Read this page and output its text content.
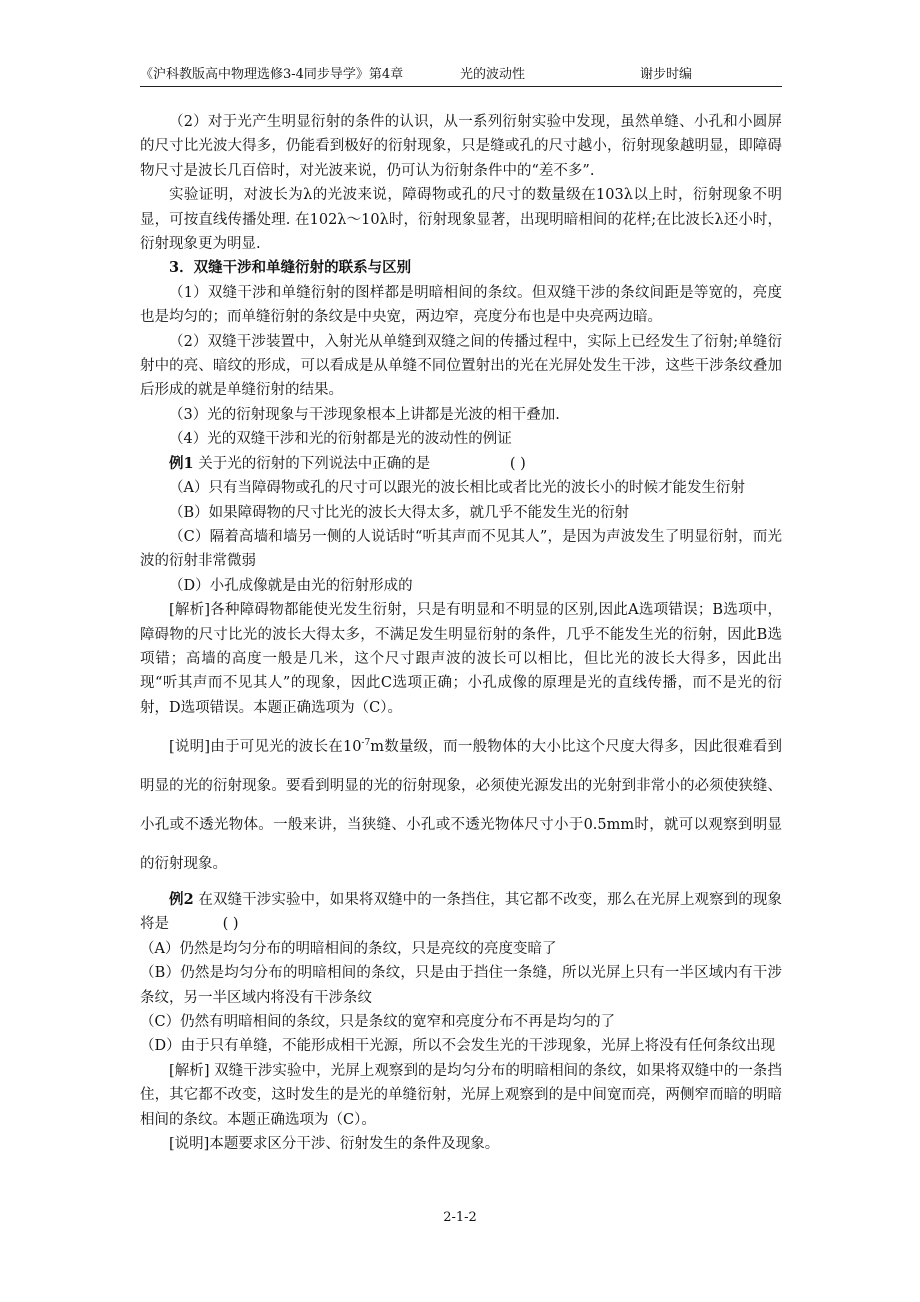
《沪科教版高中物理选修3-4同步导学》第4章	光的波动性	谢步时编

（2）对于光产生明显衍射的条件的认识，从一系列衍射实验中发现，虽然单缝、小孔和小圆屏的尺寸比光波大得多，仍能看到极好的衍射现象，只是缝或孔的尺寸越小，衍射现象越明显，即障碍物尺寸是波长几百倍时，对光波来说，仍可认为衍射条件中的“差不多”.

实验证明，对波长为λ的光波来说，障碍物或孔的尺寸的数量级在103λ以上时，衍射现象不明显，可按直线传播处理. 在102λ～10λ时，衍射现象显著，出现明暗相间的花样;在比波长λ还小时，衍射现象更为明显.

3．双缝干涉和单缝衍射的联系与区别

（1）双缝干涉和单缝衍射的图样都是明暗相间的条纹。但双缝干涉的条纹间距是等宽的，亮度也是均匀的；而单缝衍射的条纹是中央宽，两边窄，亮度分布也是中央亮两边暗。

（2）双缝干涉装置中，入射光从单缝到双缝之间的传播过程中，实际上已经发生了衍射;单缝衍射中的亮、暗纹的形成，可以看成是从单缝不同位置射出的光在光屏处发生干涉，这些干涉条纹叠加后形成的就是单缝衍射的结果。

（3）光的衍射现象与干涉现象根本上讲都是光波的相干叠加.

（4）光的双缝干涉和光的衍射都是光的波动性的例证

例1 关于光的衍射的下列说法中正确的是	( )

（A）只有当障碍物或孔的尺寸可以跟光的波长相比或者比光的波长小的时候才能发生衍射

（B）如果障碍物的尺寸比光的波长大得太多，就几乎不能发生光的衍射

（C）隔着高墙和墙另一侧的人说话时“听其声而不见其人”，是因为声波发生了明显衍射，而光波的衍射非常微弱

（D）小孔成像就是由光的衍射形成的

[解析]各种障碍物都能使光发生衍射，只是有明显和不明显的区别,因此A选项错误；B选项中，障碍物的尺寸比光的波长大得太多，不满足发生明显衍射的条件，几乎不能发生光的衍射，因此B选项错；高墙的高度一般是几米，这个尺寸跟声波的波长可以相比，但比光的波长大得多，因此出现“听其声而不见其人”的现象，因此C选项正确；小孔成像的原理是光的直线传播，而不是光的衍射，D选项错误。本题正确选项为（C）。

[说明]由于可见光的波长在$10^{-7}m$数量级，而一般物体的大小比这个尺度大得多，因此很难看到明显的光的衍射现象。要看到明显的光的衍射现象，必须使光源发出的光射到非常小的必须使狭缝、小孔或不透光物体。一般来讲，当狭缝、小孔或不透光物体尺寸小于0.5mm时，就可以观察到明显的衍射现象。

例2 在双缝干涉实验中，如果将双缝中的一条挡住，其它都不改变，那么在光屏上观察到的现象将是	( )

（A）仍然是均匀分布的明暗相间的条纹，只是亮纹的亮度变暗了

（B）仍然是均匀分布的明暗相间的条纹，只是由于挡住一条缝，所以光屏上只有一半区域内有干涉条纹，另一半区域内将没有干涉条纹

（C）仍然有明暗相间的条纹，只是条纹的宽窄和亮度分布不再是均匀的了

（D）由于只有单缝，不能形成相干光源，所以不会发生光的干涉现象，光屏上将没有任何条纹出现

[解析] 双缝干涉实验中，光屏上观察到的是均匀分布的明暗相间的条纹，如果将双缝中的一条挡住，其它都不改变，这时发生的是光的单缝衍射，光屏上观察到的是中间宽而亮，两侧窄而暗的明暗相间的条纹。本题正确选项为（C）。

[说明]本题要求区分干涉、衍射发生的条件及现象。

2-1-2
